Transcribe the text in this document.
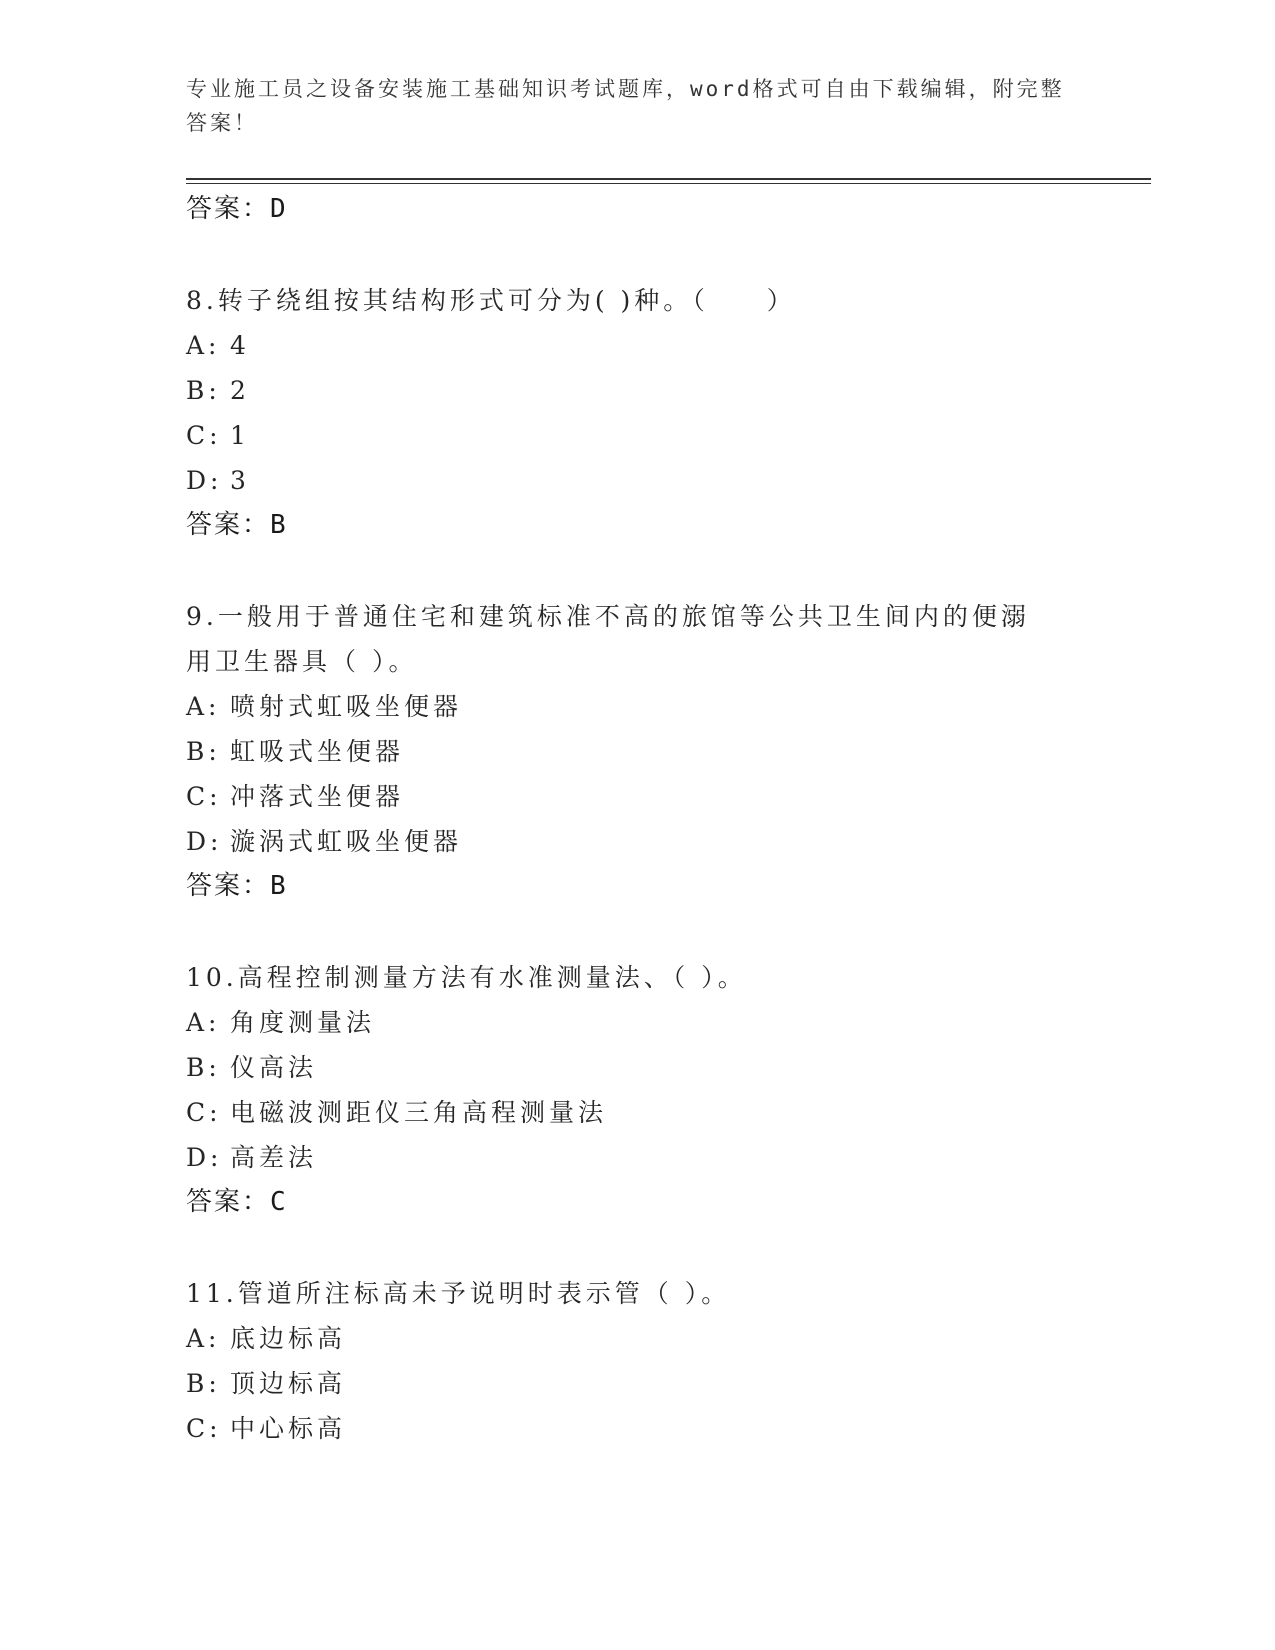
专业施工员之设备安装施工基础知识考试题库，word格式可自由下载编辑，附完整答案！
答案：D

8.转子绕组按其结构形式可分为( )种。（　　）

A: 4

B: 2

C: 1

D: 3

答案：B

9.一般用于普通住宅和建筑标准不高的旅馆等公共卫生间内的便溺用卫生器具（ ）。

A: 喷射式虹吸坐便器

B: 虹吸式坐便器

C: 冲落式坐便器

D: 漩涡式虹吸坐便器

答案：B

10.高程控制测量方法有水准测量法、（ ）。

A: 角度测量法

B: 仪高法

C: 电磁波测距仪三角高程测量法

D: 高差法

答案：C

11.管道所注标高未予说明时表示管（ ）。

A: 底边标高

B: 顶边标高

C: 中心标高
